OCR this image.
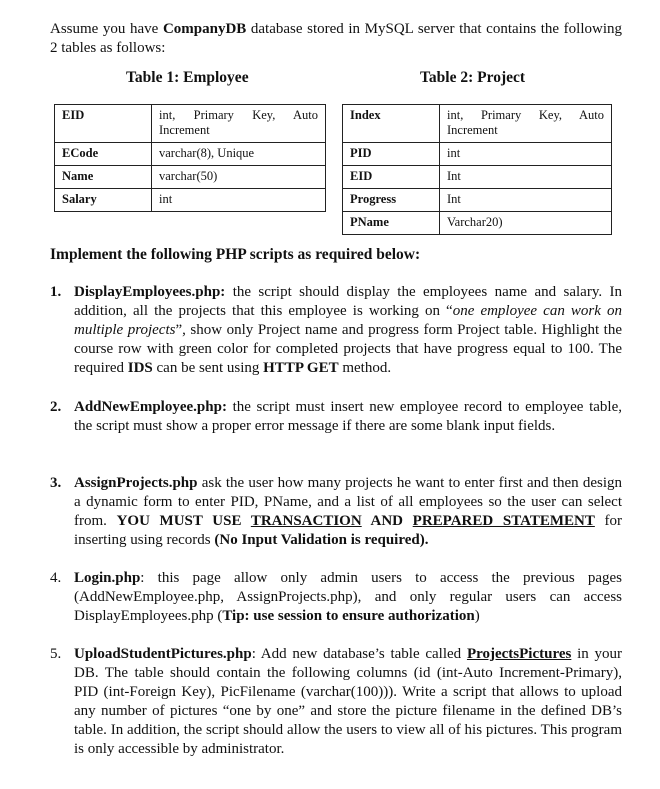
Assume you have CompanyDB database stored in MySQL server that contains the following 2 tables as follows:
Table 1: Employee	Table 2: Project
EID	int, Primary Key, Auto Increment
ECode	varchar(8), Unique
Name	varchar(50)
Salary	int
Index	int, Primary Key, Auto Increment
PID	int
EID	Int
Progress	Int
PName	Varchar20)
Implement the following PHP scripts as required below:
1. DisplayEmployees.php: the script should display the employees name and salary. In addition, all the projects that this employee is working on “one employee can work on multiple projects”, show only Project name and progress form Project table. Highlight the course row with green color for completed projects that have progress equal to 100. The required IDS can be sent using HTTP GET method.
2. AddNewEmployee.php: the script must insert new employee record to employee table, the script must show a proper error message if there are some blank input fields.
3. AssignProjects.php ask the user how many projects he want to enter first and then design a dynamic form to enter PID, PName, and a list of all employees so the user can select from. YOU MUST USE TRANSACTION AND PREPARED STATEMENT for inserting using records (No Input Validation is required).
4. Login.php: this page allow only admin users to access the previous pages (AddNewEmployee.php, AssignProjects.php), and only regular users can access DisplayEmployees.php (Tip: use session to ensure authorization)
5. UploadStudentPictures.php: Add new database’s table called ProjectsPictures in your DB. The table should contain the following columns (id (int-Auto Increment-Primary), PID (int-Foreign Key), PicFilename (varchar(100))). Write a script that allows to upload any number of pictures “one by one” and store the picture filename in the defined DB’s table. In addition, the script should allow the users to view all of his pictures. This program is only accessible by administrator.
